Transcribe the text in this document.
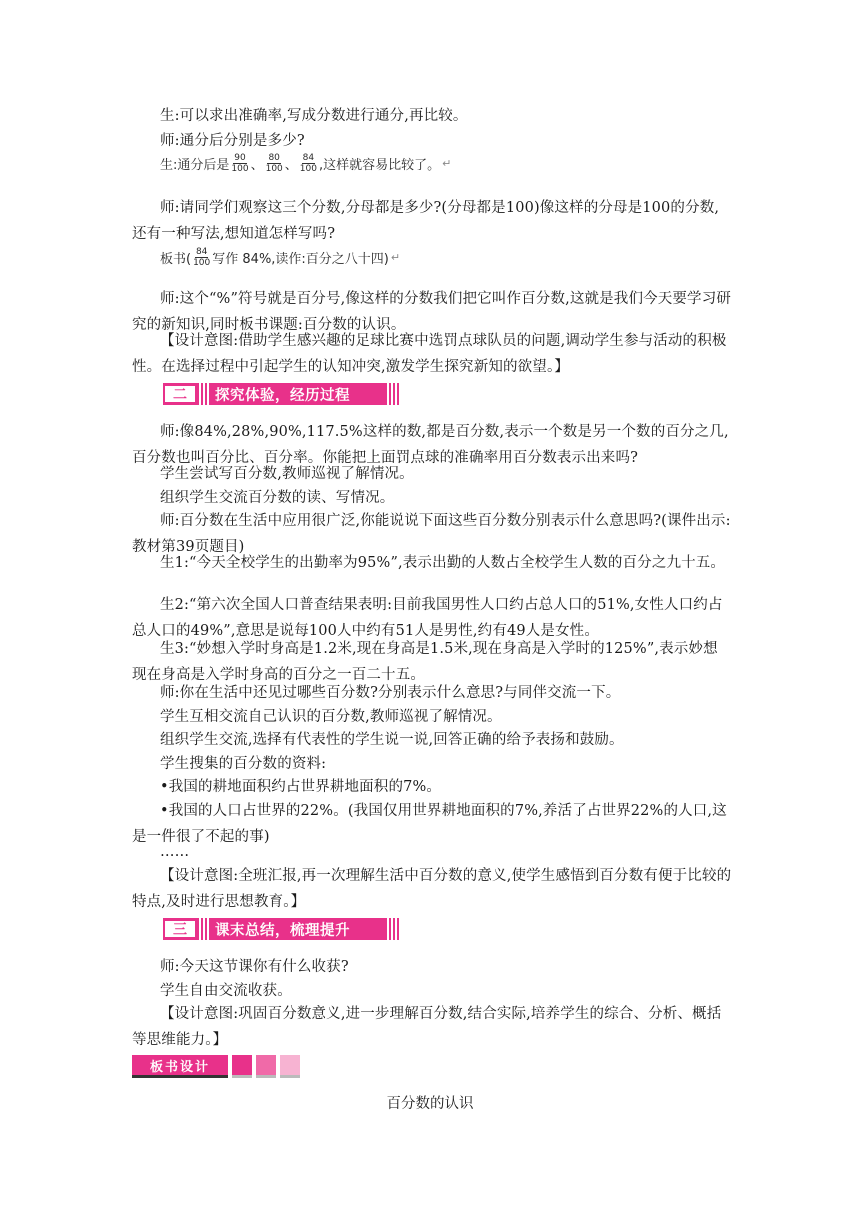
生:可以求出准确率,写成分数进行通分,再比较。

师:通分后分别是多少?

生:通分后是 $\frac{90}{100}$ 、 $\frac{80}{100}$ 、 $\frac{84}{100}$ ,这样就容易比较了。 ↵

师:请同学们观察这三个分数,分母都是多少?(分母都是100)像这样的分母是100的分数,还有一种写法,想知道怎样写吗?

板书( $\frac{84}{100}$ 写作 84%,读作:百分之八十四) ↵

师:这个“%”符号就是百分号,像这样的分数我们把它叫作百分数,这就是我们今天要学习研究的新知识,同时板书课题:百分数的认识。

【设计意图:借助学生感兴趣的足球比赛中选罚点球队员的问题,调动学生参与活动的积极性。在选择过程中引起学生的认知冲突,激发学生探究新知的欲望。】

二	探究体验，经历过程

师:像84%,28%,90%,117.5%这样的数,都是百分数,表示一个数是另一个数的百分之几,百分数也叫百分比、百分率。你能把上面罚点球的准确率用百分数表示出来吗?

学生尝试写百分数,教师巡视了解情况。

组织学生交流百分数的读、写情况。

师:百分数在生活中应用很广泛,你能说说下面这些百分数分别表示什么意思吗?(课件出示:教材第39页题目)

生1:“今天全校学生的出勤率为95%”,表示出勤的人数占全校学生人数的百分之九十五。

生2:“第六次全国人口普查结果表明:目前我国男性人口约占总人口的51%,女性人口约占总人口的49%”,意思是说每100人中约有51人是男性,约有49人是女性。

生3:“妙想入学时身高是1.2米,现在身高是1.5米,现在身高是入学时的125%”,表示妙想现在身高是入学时身高的百分之一百二十五。

师:你在生活中还见过哪些百分数?分别表示什么意思?与同伴交流一下。

学生互相交流自己认识的百分数,教师巡视了解情况。

组织学生交流,选择有代表性的学生说一说,回答正确的给予表扬和鼓励。

学生搜集的百分数的资料:

•我国的耕地面积约占世界耕地面积的7%。

•我国的人口占世界的22%。(我国仅用世界耕地面积的7%,养活了占世界22%的人口,这是一件很了不起的事)

……

【设计意图:全班汇报,再一次理解生活中百分数的意义,使学生感悟到百分数有便于比较的特点,及时进行思想教育。】

三	课末总结，梳理提升

师:今天这节课你有什么收获?

学生自由交流收获。

【设计意图:巩固百分数意义,进一步理解百分数,结合实际,培养学生的综合、分析、概括等思维能力。】

板书设计
百分数的认识
